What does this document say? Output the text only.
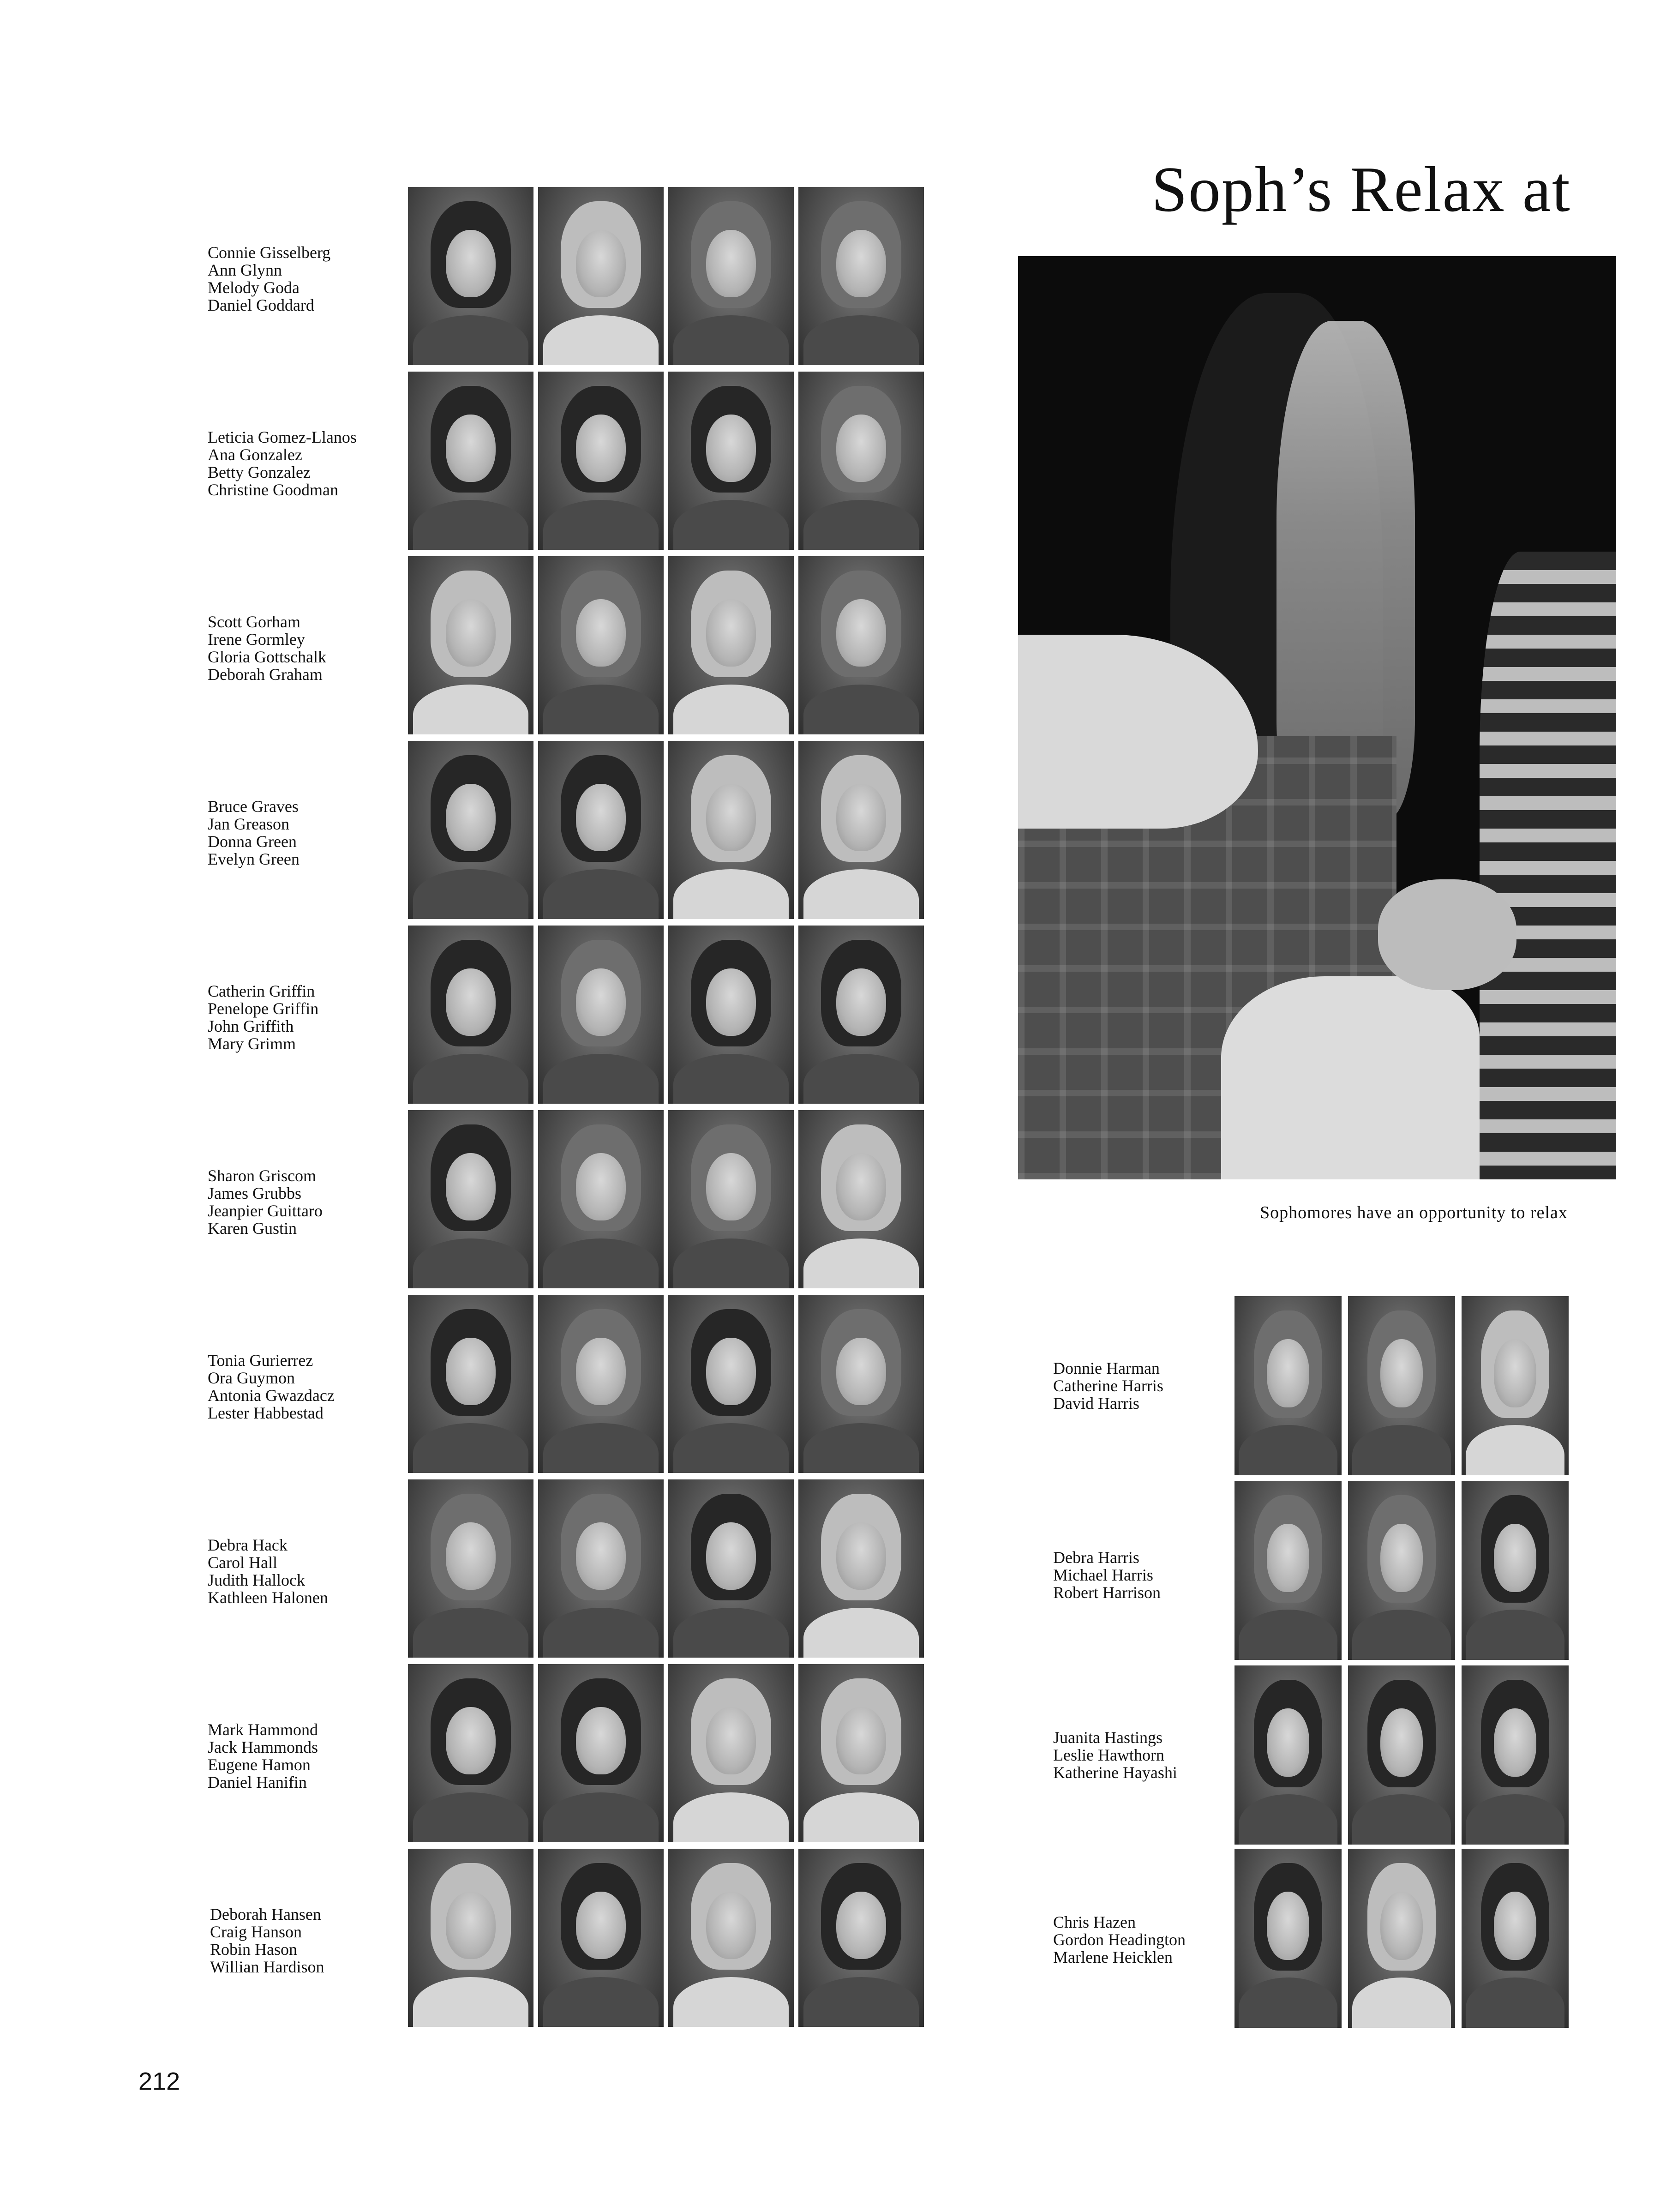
Connie Gisselberg
Ann Glynn
Melody Goda
Daniel Goddard
Leticia Gomez-Llanos
Ana Gonzalez
Betty Gonzalez
Christine Goodman
Scott Gorham
Irene Gormley
Gloria Gottschalk
Deborah Graham
Bruce Graves
Jan Greason
Donna Green
Evelyn Green
Catherin Griffin
Penelope Griffin
John Griffith
Mary Grimm
Sharon Griscom
James Grubbs
Jeanpier Guittaro
Karen Gustin
Tonia Gurierrez
Ora Guymon
Antonia Gwazdacz
Lester Habbestad
Debra Hack
Carol Hall
Judith Hallock
Kathleen Halonen
Mark Hammond
Jack Hammonds
Eugene Hamon
Daniel Hanifin
Deborah Hansen
Craig Hanson
Robin Hason
Willian Hardison
Soph’s Relax at
Sophomores have an opportunity to relax
Donnie Harman
Catherine Harris
David Harris
Debra Harris
Michael Harris
Robert Harrison
Juanita Hastings
Leslie Hawthorn
Katherine Hayashi
Chris Hazen
Gordon Headington
Marlene Heicklen
212
